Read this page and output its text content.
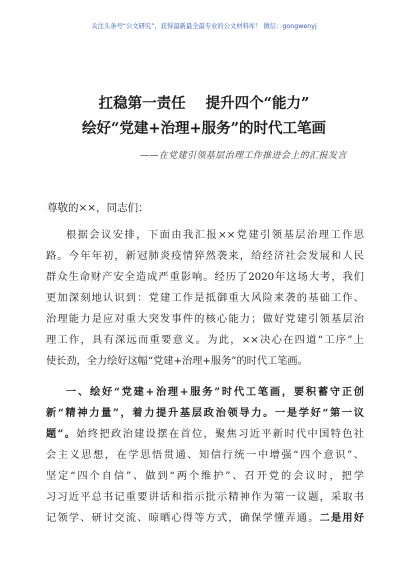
关注头条号“公文研究”，获得最新最全最专业的公文材料库！ 微信：gongwenyj
扛稳第一责任 提升四个“能力”
绘好“党建+治理+服务”的时代工笔画
——在党建引领基层治理工作推进会上的汇报发言
尊敬的××，同志们：
根据会议安排，下面由我汇报××党建引领基层治理工作思
路。今年年初，新冠肺炎疫情猝然袭来，给经济社会发展和人民
群众生命财产安全造成严重影响。经历了2020年这场大考，我们
更加深刻地认识到：党建工作是抵御重大风险来袭的基础工作、
治理能力是应对重大突发事件的核心能力；做好党建引领基层治
理工作，具有深远而重要意义。为此，××决心在四道“工序”上
使长劲，全力绘好这幅“党建+治理+服务”的时代工笔画。
一、绘好“党建+治理+服务”时代工笔画，要积蓄守正创
新“精神力量”，着力提升基层政治领导力。一是学好“第一议
题”。始终把政治建设摆在首位，聚焦习近平新时代中国特色社
会主义思想，在学思悟贯通、知信行统一中增强“四个意识”、
坚定“四个自信”、做到“两个维护”、召开党的会议时，把学
习习近平总书记重要讲话和指示批示精神作为第一议题，采取书
记领学、研讨交流、晾晒心得等方式，确保学懂弄通。二是用好
